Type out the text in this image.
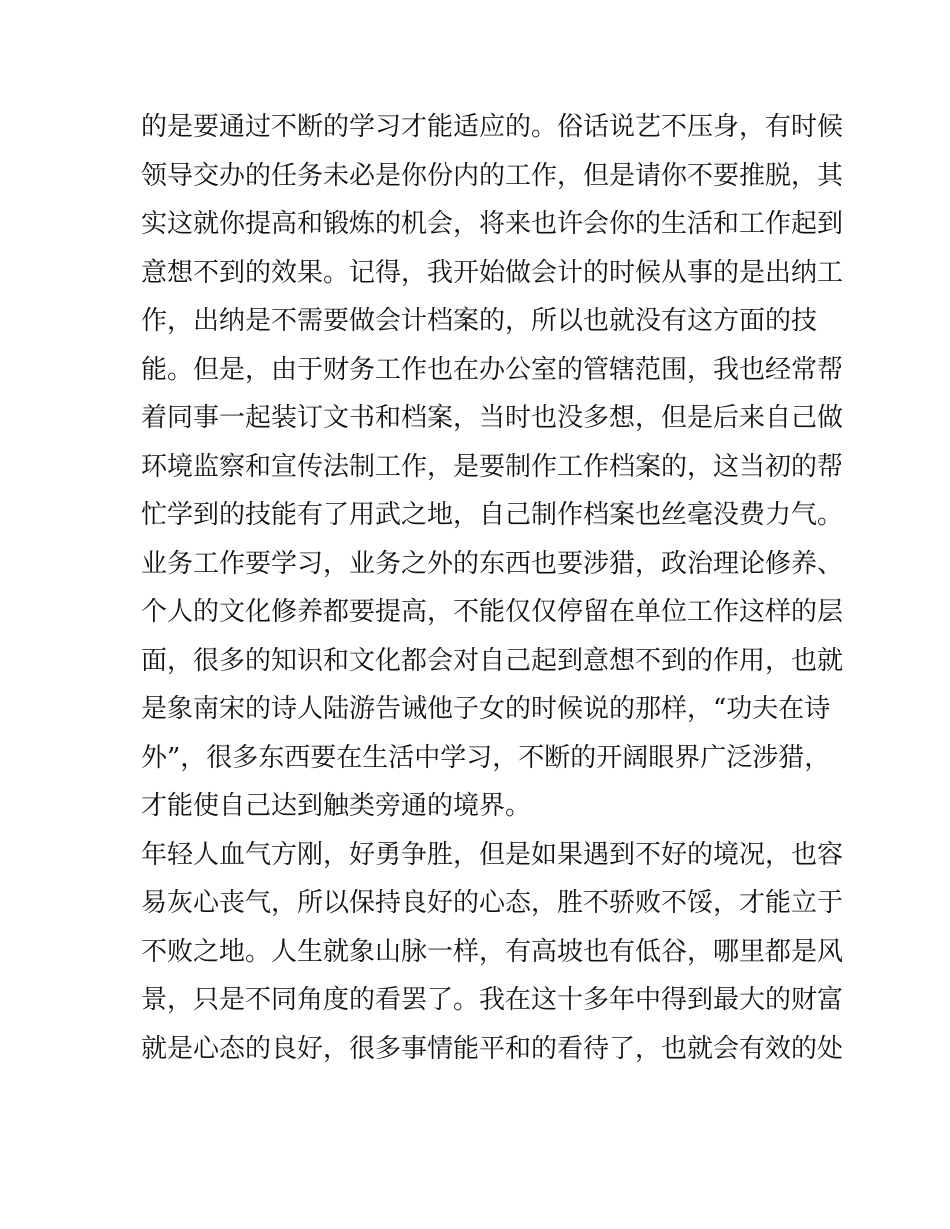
的是要通过不断的学习才能适应的。俗话说艺不压身，有时候
领导交办的任务未必是你份内的工作，但是请你不要推脱，其
实这就你提高和锻炼的机会，将来也许会你的生活和工作起到
意想不到的效果。记得，我开始做会计的时候从事的是出纳工
作，出纳是不需要做会计档案的，所以也就没有这方面的技
能。但是，由于财务工作也在办公室的管辖范围，我也经常帮
着同事一起装订文书和档案，当时也没多想，但是后来自己做
环境监察和宣传法制工作，是要制作工作档案的，这当初的帮
忙学到的技能有了用武之地，自己制作档案也丝毫没费力气。
业务工作要学习，业务之外的东西也要涉猎，政治理论修养、
个人的文化修养都要提高，不能仅仅停留在单位工作这样的层
面，很多的知识和文化都会对自己起到意想不到的作用，也就
是象南宋的诗人陆游告诫他子女的时候说的那样，“功夫在诗
外”，很多东西要在生活中学习，不断的开阔眼界广泛涉猎，
才能使自己达到触类旁通的境界。
年轻人血气方刚，好勇争胜，但是如果遇到不好的境况，也容
易灰心丧气，所以保持良好的心态，胜不骄败不馁，才能立于
不败之地。人生就象山脉一样，有高坡也有低谷，哪里都是风
景，只是不同角度的看罢了。我在这十多年中得到最大的财富
就是心态的良好，很多事情能平和的看待了，也就会有效的处
